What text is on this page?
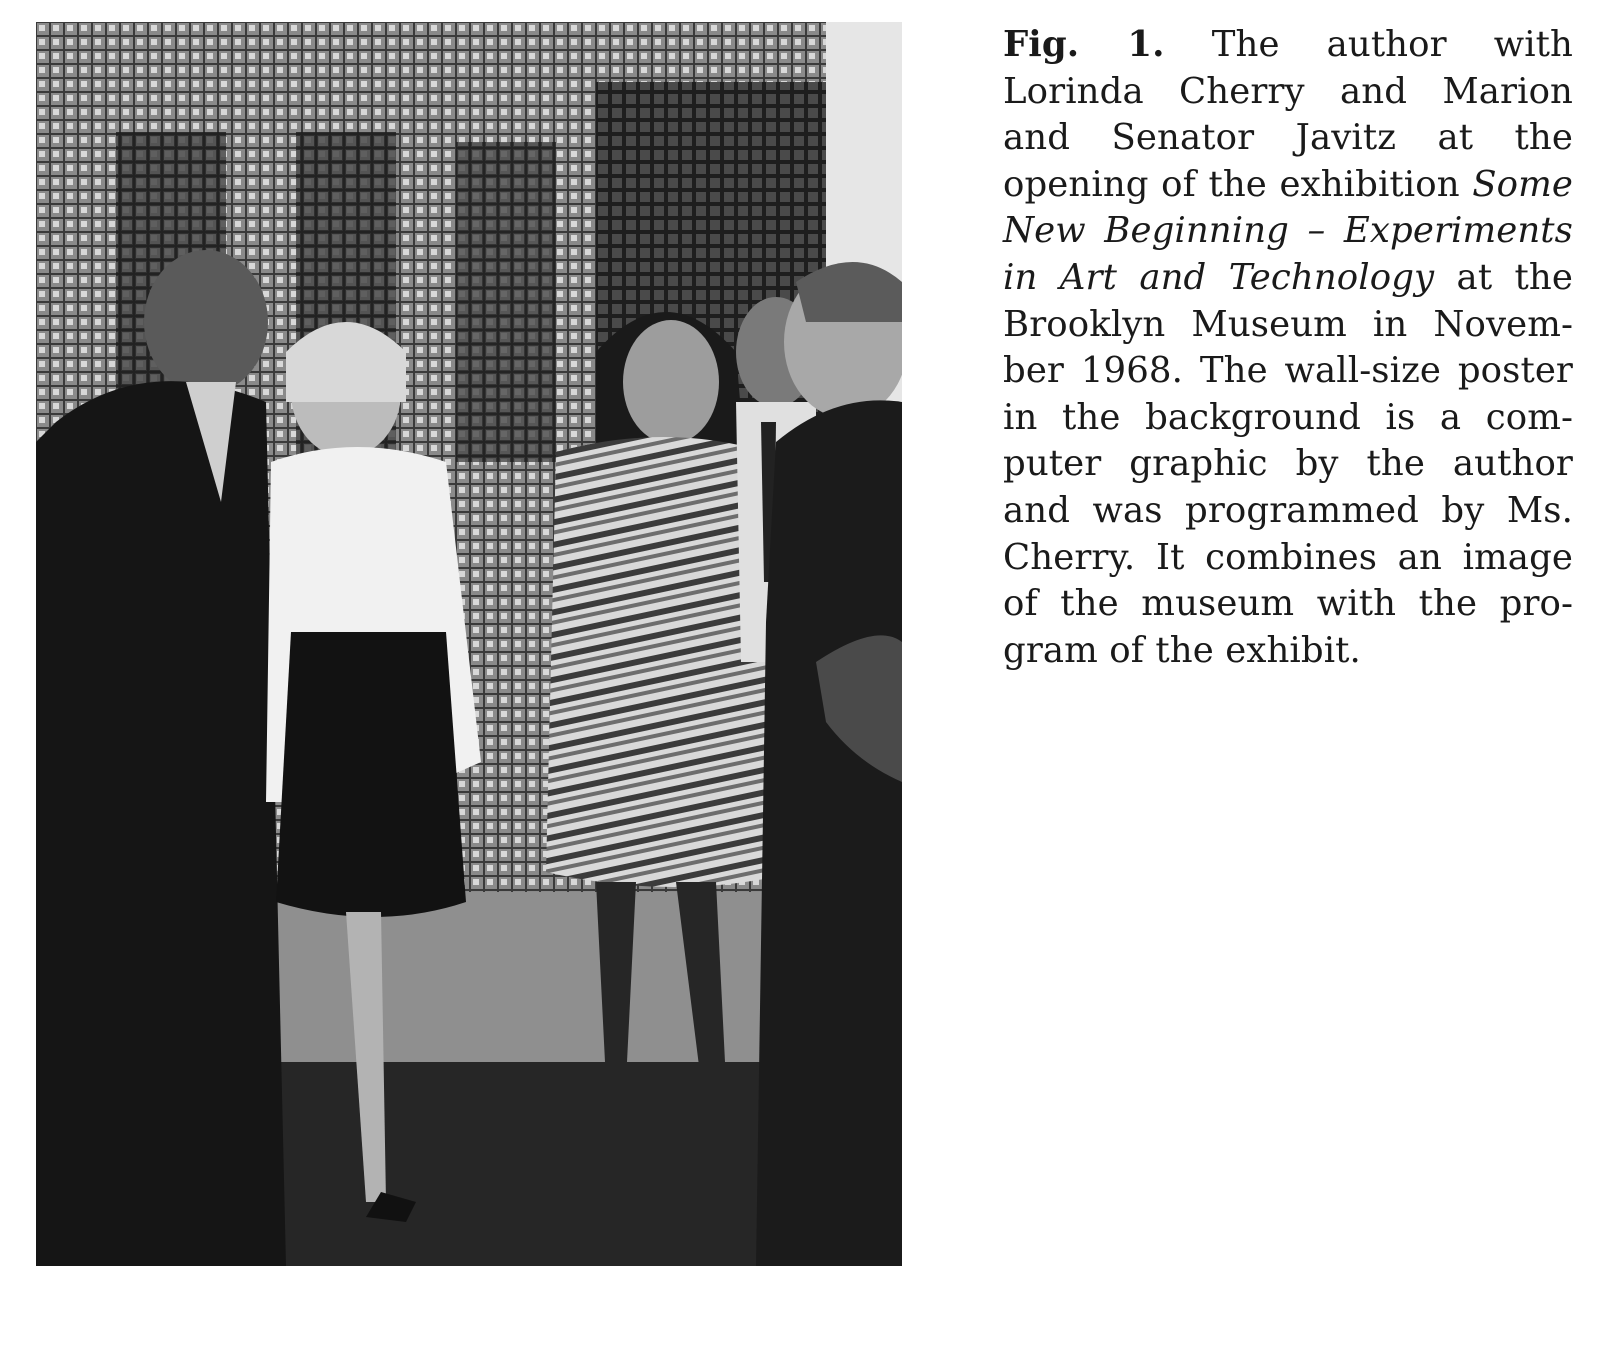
Fig. 1. The author with Lorinda Cherry and Marion and Senator Javitz at the opening of the exhibition Some New Beginning – Experiments in Art and Technology at the Brooklyn Museum in November 1968. The wall-size poster in the background is a computer graphic by the author and was programmed by Ms. Cherry. It combines an image of the museum with the program of the exhibit.
